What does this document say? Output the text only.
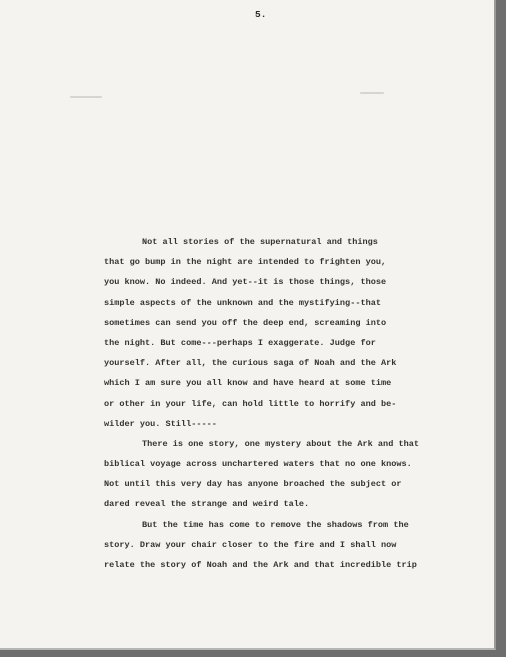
5.
Not all stories of the supernatural and things
that go bump in the night are intended to frighten you,
you know. No indeed. And yet--it is those things, those
simple aspects of the unknown and the mystifying--that
sometimes can send you off the deep end, screaming into
the night. But come---perhaps I exaggerate. Judge for
yourself. After all, the curious saga of Noah and the Ark
which I am sure you all know and have heard at some time
or other in your life, can hold little to horrify and be-
wilder you. Still-----
There is one story, one mystery about the Ark and that
biblical voyage across unchartered waters that no one knows.
Not until this very day has anyone broached the subject or
dared reveal the strange and weird tale.
But the time has come to remove the shadows from the
story. Draw your chair closer to the fire and I shall now
relate the story of Noah and the Ark and that incredible trip
